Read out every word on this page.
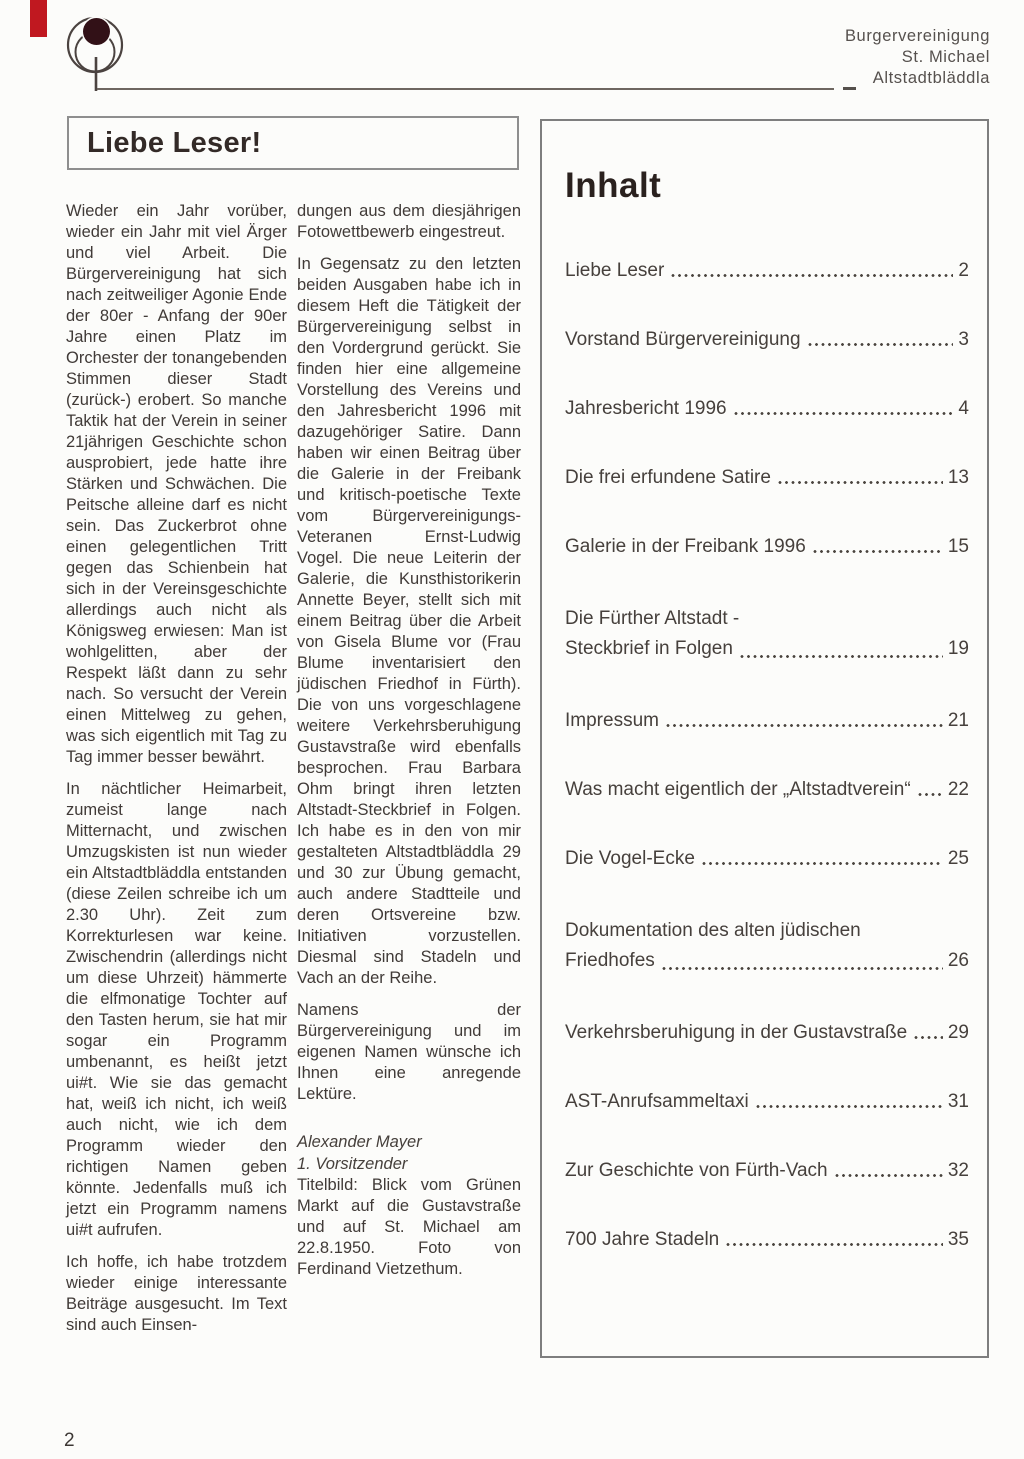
Burgervereinigung
St. Michael
Altstadtbläddla
Liebe Leser!

Wieder ein Jahr vorüber, wieder ein Jahr mit viel Ärger und viel Arbeit. Die Bürgervereinigung hat sich nach zeitweiliger Agonie Ende der 80er - Anfang der 90er Jahre einen Platz im Orchester der tonangebenden Stimmen dieser Stadt (zurück-) erobert. So manche Taktik hat der Verein in seiner 21jährigen Geschichte schon ausprobiert, jede hatte ihre Stärken und Schwächen. Die Peitsche alleine darf es nicht sein. Das Zuckerbrot ohne einen gelegentlichen Tritt gegen das Schienbein hat sich in der Vereinsgeschichte allerdings auch nicht als Königsweg erwiesen: Man ist wohlgelitten, aber der Respekt läßt dann zu sehr nach. So versucht der Verein einen Mittelweg zu gehen, was sich eigentlich mit Tag zu Tag immer besser bewährt.

In nächtlicher Heimarbeit, zumeist lange nach Mitternacht, und zwischen Umzugskisten ist nun wieder ein Altstadtbläddla entstanden (diese Zeilen schreibe ich um 2.30 Uhr). Zeit zum Korrekturlesen war keine. Zwischendrin (allerdings nicht um diese Uhrzeit) hämmerte die elfmonatige Tochter auf den Tasten herum, sie hat mir sogar ein Programm umbenannt, es heißt jetzt ui#t. Wie sie das gemacht hat, weiß ich nicht, ich weiß auch nicht, wie ich dem Programm wieder den richtigen Namen geben könnte. Jedenfalls muß ich jetzt ein Programm namens ui#t aufrufen.

Ich hoffe, ich habe trotzdem wieder einige interessante Beiträge ausgesucht. Im Text sind auch Einsen-

dungen aus dem diesjährigen Fotowettbewerb eingestreut.

In Gegensatz zu den letzten beiden Ausgaben habe ich in diesem Heft die Tätigkeit der Bürgervereinigung selbst in den Vordergrund gerückt. Sie finden hier eine allgemeine Vorstellung des Vereins und den Jahresbericht 1996 mit dazugehöriger Satire. Dann haben wir einen Beitrag über die Galerie in der Freibank und kritisch-poetische Texte vom Bürgervereinigungs-Veteranen Ernst-Ludwig Vogel. Die neue Leiterin der Galerie, die Kunsthistorikerin Annette Beyer, stellt sich mit einem Beitrag über die Arbeit von Gisela Blume vor (Frau Blume inventarisiert den jüdischen Friedhof in Fürth). Die von uns vorgeschlagene weitere Verkehrsberuhigung Gustavstraße wird ebenfalls besprochen. Frau Barbara Ohm bringt ihren letzten Altstadt-Steckbrief in Folgen. Ich habe es in den von mir gestalteten Altstadtbläddla 29 und 30 zur Übung gemacht, auch andere Stadtteile und deren Ortsvereine bzw. Initiativen vorzustellen. Diesmal sind Stadeln und Vach an der Reihe.

Namens der Bürgervereinigung und im eigenen Namen wünsche ich Ihnen eine anregende Lektüre.

Alexander Mayer
1. Vorsitzender

Titelbild: Blick vom Grünen Markt auf die Gustavstraße und auf St. Michael am 22.8.1950. Foto von Ferdinand Vietzethum.

2
Inhalt
Liebe Leser	2
Vorstand Bürgervereinigung	3
Jahresbericht 1996	4
Die frei erfundene Satire	13
Galerie in der Freibank 1996	15
Die Fürther Altstadt -
Steckbrief in Folgen	19
Impressum	21
Was macht eigentlich der „Altstadtverein“ 22
Die Vogel-Ecke	25
Dokumentation des alten jüdischen
Friedhofes	26
Verkehrsberuhigung in der Gustavstraße 29
AST-Anrufsammeltaxi	31
Zur Geschichte von Fürth-Vach	32
700 Jahre Stadeln	35
